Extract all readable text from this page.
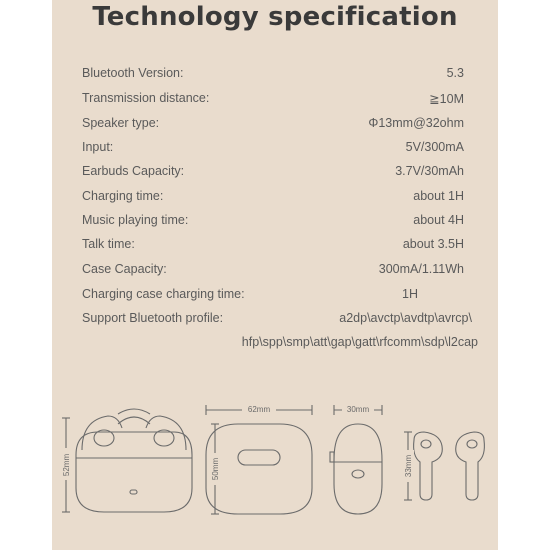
Technology specification
Bluetooth Version:	5.3
Transmission distance:	≧10M
Speaker type:	Φ13mm@32ohm
Input:	5V/300mA
Earbuds Capacity:	3.7V/30mAh
Charging time:	about 1H
Music playing time:	about 4H
Talk time:	about 3.5H
Case Capacity:	300mA/1.11Wh
Charging case charging time:	1H
Support Bluetooth profile:	a2dp\avctp\avdtp\avrcp\
hfp\spp\smp\att\gap\gatt\rfcomm\sdp\l2cap
62mm	30mm
52mm	50mm	33mm
